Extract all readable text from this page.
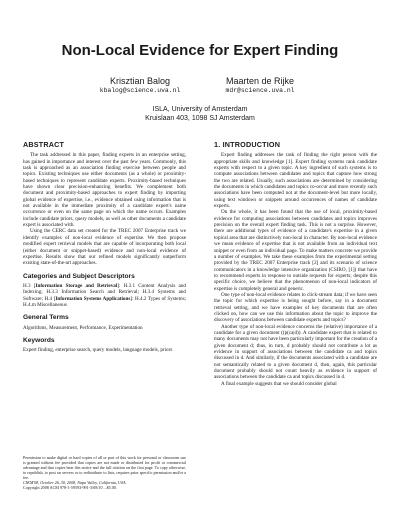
Non-Local Evidence for Expert Finding
Krisztian Balog
kbalog@science.uva.nl
Maarten de Rijke
mdr@science.uva.nl
ISLA, University of Amsterdam
Kruislaan 403, 1098 SJ Amsterdam
ABSTRACT

The task addressed in this paper, finding experts in an enterprise setting, has gained in importance and interest over the past few years. Commonly, this task is approached as an association finding exercise between people and topics. Existing techniques use either documents (as a whole) or proximity-based techniques to represent candidate experts. Proximity-based techniques have shown clear precision-enhancing benefits. We complement both document and proximity-based approaches to expert finding by importing global evidence of expertise, i.e., evidence obtained using information that is not available in the immediate proximity of a candidate expert's name occurrence or even on the same page on which the name occurs. Examples include candidate priors, query models, as well as other documents a candidate expert is associated with.

Using the CERC data set created for the TREC 2007 Enterprise track we identify examples of non-local evidence of expertise. We then propose modified expert retrieval models that are capable of incorporating both local (either document or snippet-based) evidence and non-local evidence of expertise. Results show that our refined models significantly outperform existing state-of-the-art approaches.

Categories and Subject Descriptors

H.3 [Information Storage and Retrieval]: H.3.1 Content Analysis and Indexing; H.3.3 Information Search and Retrieval; H.3.4 Systems and Software; H.4 [Information Systems Applications]: H.4.2 Types of Systems; H.4.m Miscellaneous

General Terms

Algorithms, Measurement, Performance, Experimentation

Keywords

Expert finding, enterprise search, query models, language models, priors

Permission to make digital or hard copies of all or part of this work for personal or classroom use is granted without fee provided that copies are not made or distributed for profit or commercial advantage and that copies bear this notice and the full citation on the first page. To copy otherwise, to republish, to post on servers or to redistribute to lists, requires prior specific permission and/or a fee.

CIKM'08, October 26–30, 2008, Napa Valley, California, USA.

Copyright 2008 ACM 978-1-59593-991-3/08/10 ...$5.00.

1. INTRODUCTION

Expert finding addresses the task of finding the right person with the appropriate skills and knowledge [1]. Expert finding systems rank candidate experts with respect to a given topic. A key ingredient of such systems is to compute associations between candidates and topics that capture how strong the two are related. Usually, such associations are determined by considering the documents in which candidates and topics co-occur and more recently such associations have been computed not at the document-level but more locally, using text windows or snippets around occurrences of names of candidate experts.

On the whole, it has been found that the use of local, proximity-based evidence for computing associations between candidates and topics improves precision on the overall expert finding task. This is not a surprise. However, there are additional types of evidence of a candidate's expertise in a given topical area that are distinctively non-local in character. By non-local evidence we mean evidence of expertise that is not available from an individual text snippet or even from an individual page. To make matters concrete we provide a number of examples. We take these examples from the experimental setting provided by the TREC 2007 Enterprise track [2] and its scenario of science communicators in a knowledge intensive organization (CSIRO, [1]) that have to recommend experts in response to outside requests for experts; despite this specific choice, we believe that the phenomenon of non-local indicators of expertise is completely general and generic.

One type of non-local evidence relates to click-stream data; if we have seen the topic for which expertise is being sought before, say in a document retrieval setting, and we have examples of key documents that are often clicked on, how can we use this information about the topic to improve the discovery of associations between candidate experts and topics?

Another type of non-local evidence concerns the (relative) importance of a candidate for a given document ((p(ca|d)). A candidate expert that is related to many documents may not have been particularly important for the creation of a given document d; thus, in turn, d probably should not contribute a lot as evidence in support of associations between the candidate ca and topics discussed in d. And similarly, if the documents associated with a candidate are not semantically related to a given document d, then, again, this particular document probably should not count heavily as evidence in support of associations between the candidate ca and topics discussed in d.

A final example suggests that we should consider global
